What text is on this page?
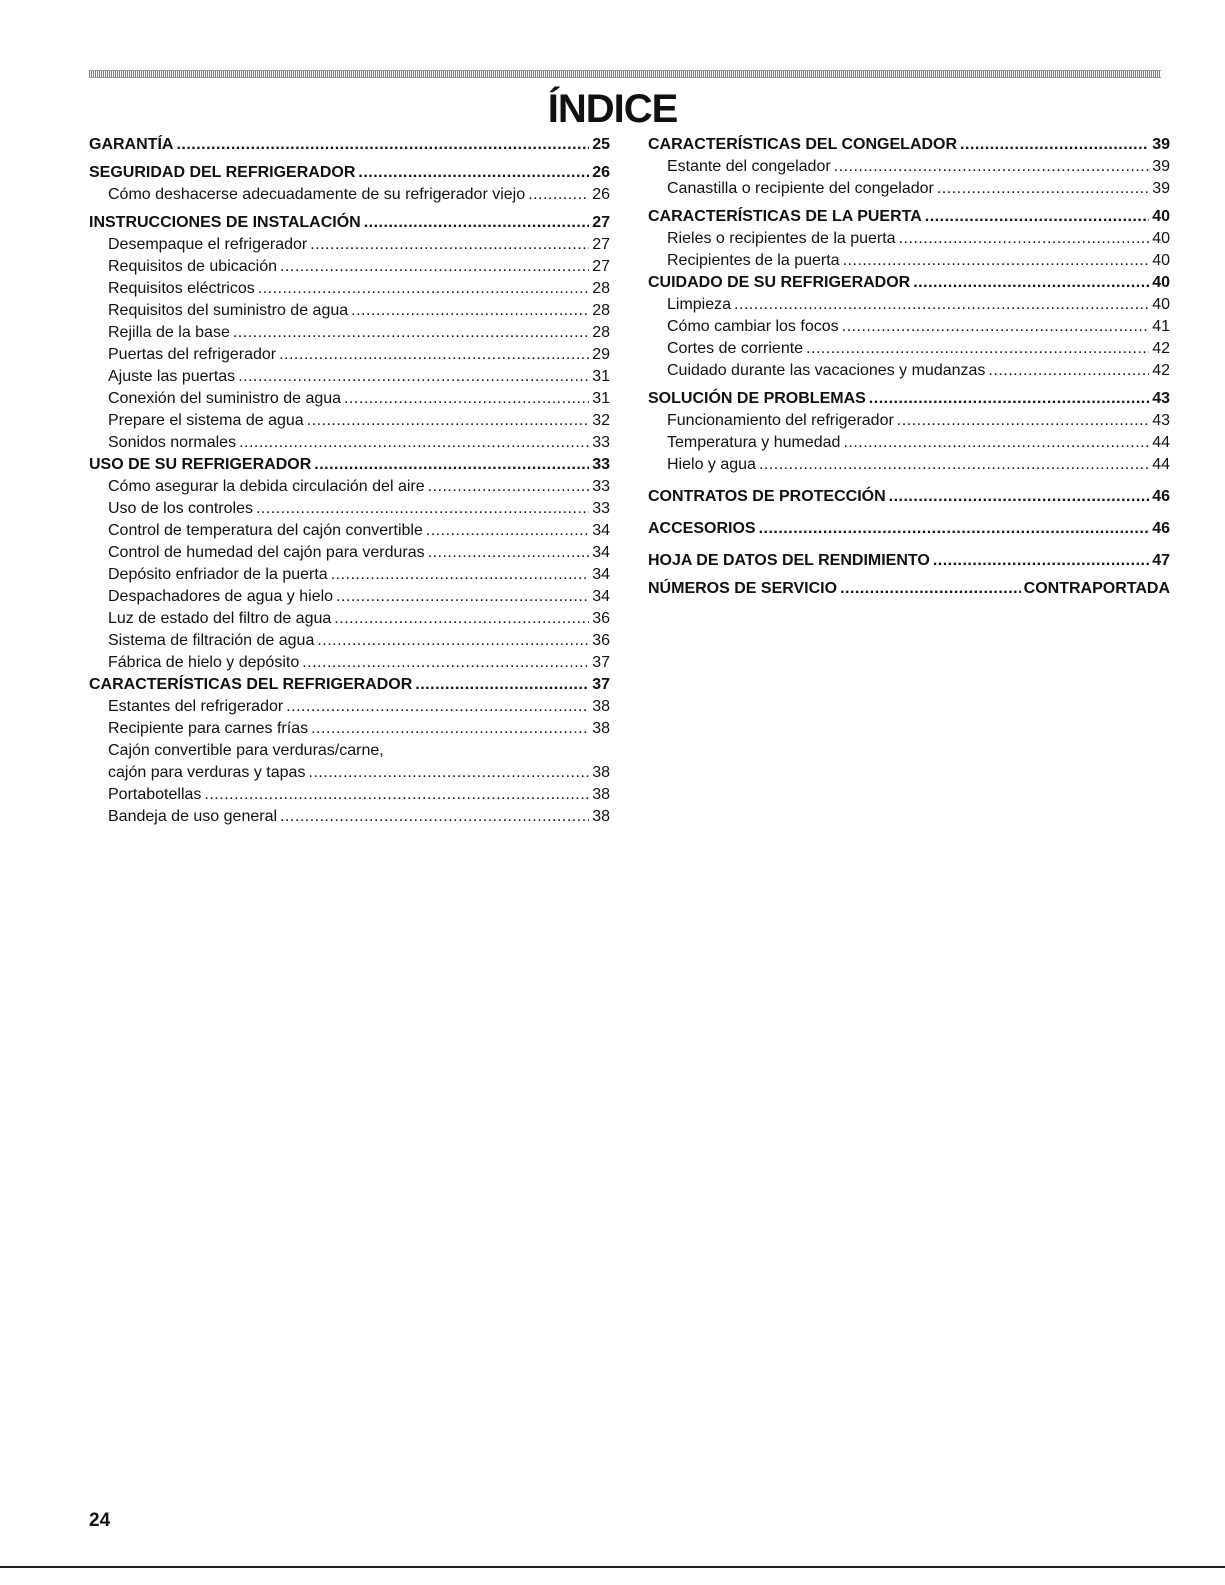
ÍNDICE
GARANTÍA .....	25
SEGURIDAD DEL REFRIGERADOR .....	26
Cómo deshacerse adecuadamente de su refrigerador viejo .....	26
INSTRUCCIONES DE INSTALACIÓN .....	27
Desempaque el refrigerador .....	27
Requisitos de ubicación .....	27
Requisitos eléctricos .....	28
Requisitos del suministro de agua .....	28
Rejilla de la base .....	28
Puertas del refrigerador .....	29
Ajuste las puertas .....	31
Conexión del suministro de agua .....	31
Prepare el sistema de agua .....	32
Sonidos normales .....	33
USO DE SU REFRIGERADOR .....	33
Cómo asegurar la debida circulación del aire .....	33
Uso de los controles .....	33
Control de temperatura del cajón convertible .....	34
Control de humedad del cajón para verduras .....	34
Depósito enfriador de la puerta .....	34
Despachadores de agua y hielo .....	34
Luz de estado del filtro de agua .....	36
Sistema de filtración de agua .....	36
Fábrica de hielo y depósito .....	37
CARACTERÍSTICAS DEL REFRIGERADOR .....	37
Estantes del refrigerador .....	38
Recipiente para carnes frías .....	38
Cajón convertible para verduras/carne,
cajón para verduras y tapas .....	38
Portabotellas .....	38
Bandeja de uso general .....	38
CARACTERÍSTICAS DEL CONGELADOR .....	39
Estante del congelador .....	39
Canastilla o recipiente del congelador .....	39
CARACTERÍSTICAS DE LA PUERTA .....	40
Rieles o recipientes de la puerta .....	40
Recipientes de la puerta .....	40
CUIDADO DE SU REFRIGERADOR .....	40
Limpieza .....	40
Cómo cambiar los focos .....	41
Cortes de corriente .....	42
Cuidado durante las vacaciones y mudanzas .....	42
SOLUCIÓN DE PROBLEMAS .....	43
Funcionamiento del refrigerador .....	43
Temperatura y humedad .....	44
Hielo y agua .....	44
CONTRATOS DE PROTECCIÓN .....	46
ACCESORIOS .....	46
HOJA DE DATOS DEL RENDIMIENTO .....	47
NÚMEROS DE SERVICIO .....	CONTRAPORTADA
24
